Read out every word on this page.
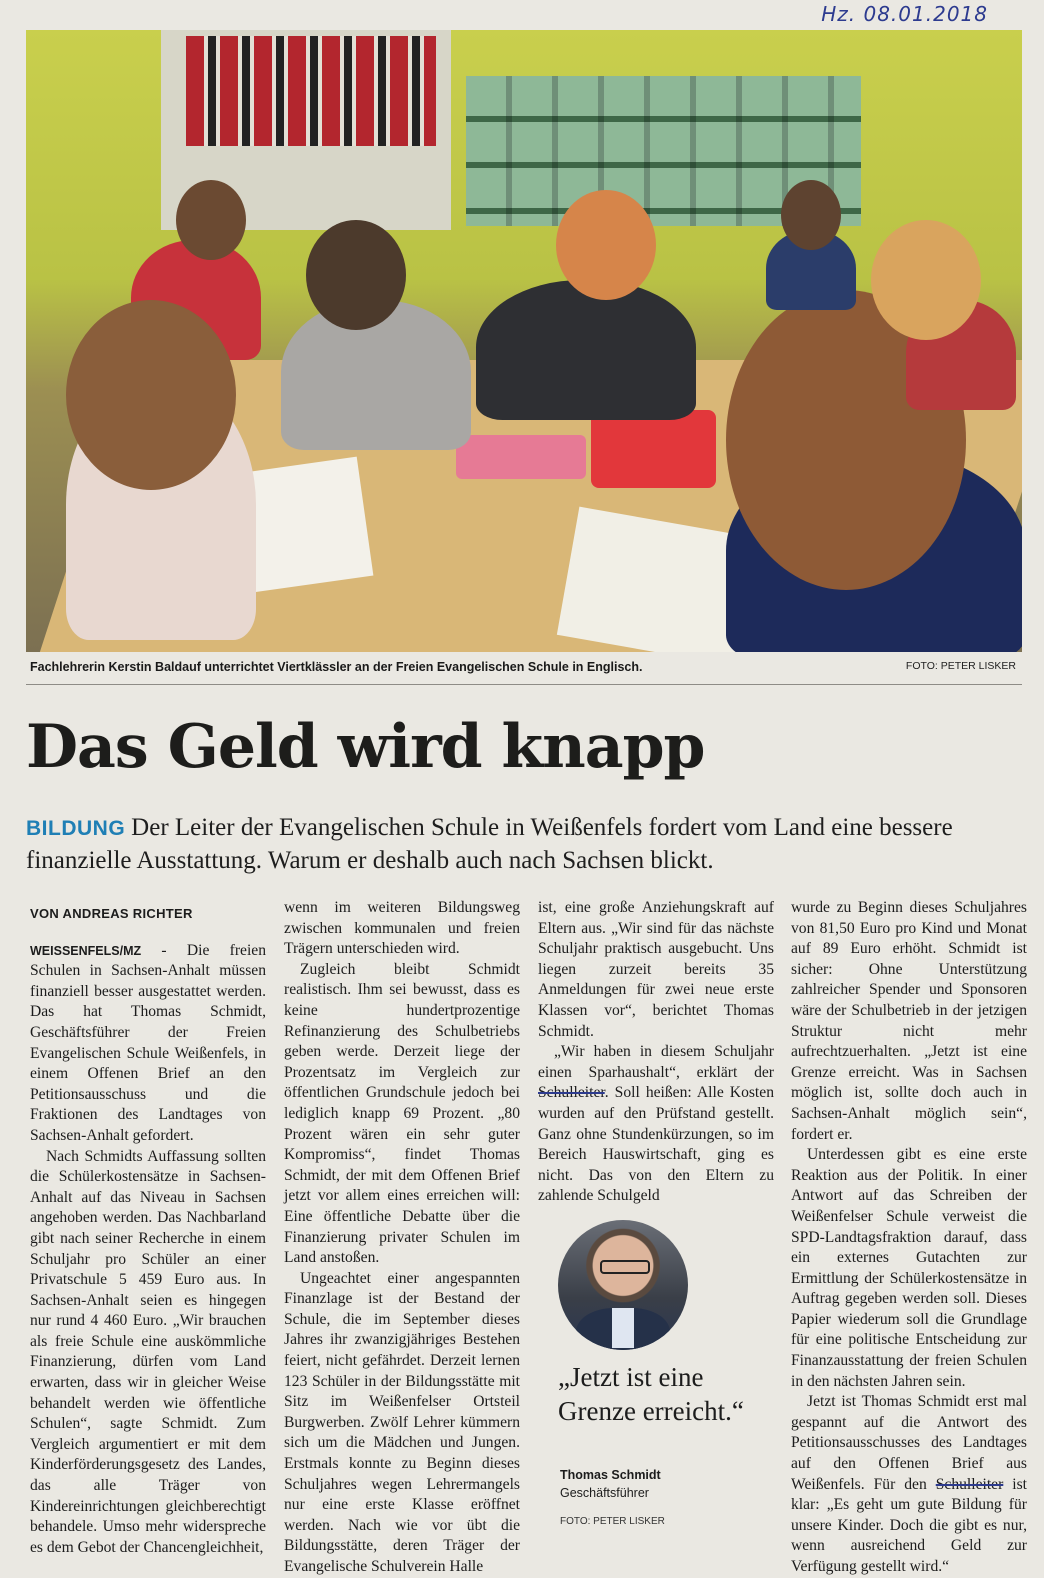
Hz. 08.01.2018
Fachlehrerin Kerstin Baldauf unterrichtet Viertklässler an der Freien Evangelischen Schule in Englisch.	FOTO: PETER LISKER
Das Geld wird knapp

BILDUNG Der Leiter der Evangelischen Schule in Weißenfels fordert vom Land eine bessere finanzielle Ausstattung. Warum er deshalb auch nach Sachsen blickt.

VON ANDREAS RICHTER

WEISSENFELS/MZ - Die freien Schulen in Sachsen-Anhalt müssen finanziell besser ausgestattet werden. Das hat Thomas Schmidt, Geschäftsführer der Freien Evangelischen Schule Weißenfels, in einem Offenen Brief an den Petitionsausschuss und die Fraktionen des Landtages von Sachsen-Anhalt gefordert.

Nach Schmidts Auffassung sollten die Schülerkostensätze in Sachsen-Anhalt auf das Niveau in Sachsen angehoben werden. Das Nachbarland gibt nach seiner Recherche in einem Schuljahr pro Schüler an einer Privatschule 5 459 Euro aus. In Sachsen-Anhalt seien es hingegen nur rund 4 460 Euro. „Wir brauchen als freie Schule eine auskömmliche Finanzierung, dürfen vom Land erwarten, dass wir in gleicher Weise behandelt werden wie öffentliche Schulen“, sagte Schmidt. Zum Vergleich argumentiert er mit dem Kinderförderungsgesetz des Landes, das alle Träger von Kindereinrichtungen gleichberechtigt behandele. Umso mehr widerspreche es dem Gebot der Chancengleichheit,

wenn im weiteren Bildungsweg zwischen kommunalen und freien Trägern unterschieden wird.

Zugleich bleibt Schmidt realistisch. Ihm sei bewusst, dass es keine hundertprozentige Refinanzierung des Schulbetriebs geben werde. Derzeit liege der Prozentsatz im Vergleich zur öffentlichen Grundschule jedoch bei lediglich knapp 69 Prozent. „80 Prozent wären ein sehr guter Kompromiss“, findet Thomas Schmidt, der mit dem Offenen Brief jetzt vor allem eines erreichen will: Eine öffentliche Debatte über die Finanzierung privater Schulen im Land anstoßen.

Ungeachtet einer angespannten Finanzlage ist der Bestand der Schule, die im September dieses Jahres ihr zwanzigjähriges Bestehen feiert, nicht gefährdet. Derzeit lernen 123 Schüler in der Bildungsstätte mit Sitz im Weißenfelser Ortsteil Burgwerben. Zwölf Lehrer kümmern sich um die Mädchen und Jungen. Erstmals konnte zu Beginn dieses Schuljahres wegen Lehrermangels nur eine erste Klasse eröffnet werden. Nach wie vor übt die Bildungsstätte, deren Träger der Evangelische Schulverein Halle

ist, eine große Anziehungskraft auf Eltern aus. „Wir sind für das nächste Schuljahr praktisch ausgebucht. Uns liegen zurzeit bereits 35 Anmeldungen für zwei neue erste Klassen vor“, berichtet Thomas Schmidt.

„Wir haben in diesem Schuljahr einen Sparhaushalt“, erklärt der Schulleiter. Soll heißen: Alle Kosten wurden auf den Prüfstand gestellt. Ganz ohne Stundenkürzungen, so im Bereich Hauswirtschaft, ging es nicht. Das von den Eltern zu zahlende Schulgeld

wurde zu Beginn dieses Schuljahres von 81,50 Euro pro Kind und Monat auf 89 Euro erhöht. Schmidt ist sicher: Ohne Unterstützung zahlreicher Spender und Sponsoren wäre der Schulbetrieb in der jetzigen Struktur nicht mehr aufrechtzuerhalten. „Jetzt ist eine Grenze erreicht. Was in Sachsen möglich ist, sollte doch auch in Sachsen-Anhalt möglich sein“, fordert er.

Unterdessen gibt es eine erste Reaktion aus der Politik. In einer Antwort auf das Schreiben der Weißenfelser Schule verweist die SPD-Landtagsfraktion darauf, dass ein externes Gutachten zur Ermittlung der Schülerkostensätze in Auftrag gegeben werden soll. Dieses Papier wiederum soll die Grundlage für eine politische Entscheidung zur Finanzausstattung der freien Schulen in den nächsten Jahren sein.

Jetzt ist Thomas Schmidt erst mal gespannt auf die Antwort des Petitionsausschusses des Landtages auf den Offenen Brief aus Weißenfels. Für den Schulleiter ist klar: „Es geht um gute Bildung für unsere Kinder. Doch die gibt es nur, wenn ausreichend Geld zur Verfügung gestellt wird.“

„Jetzt ist eine Grenze erreicht.“

Thomas Schmidt
Geschäftsführer
FOTO: PETER LISKER
